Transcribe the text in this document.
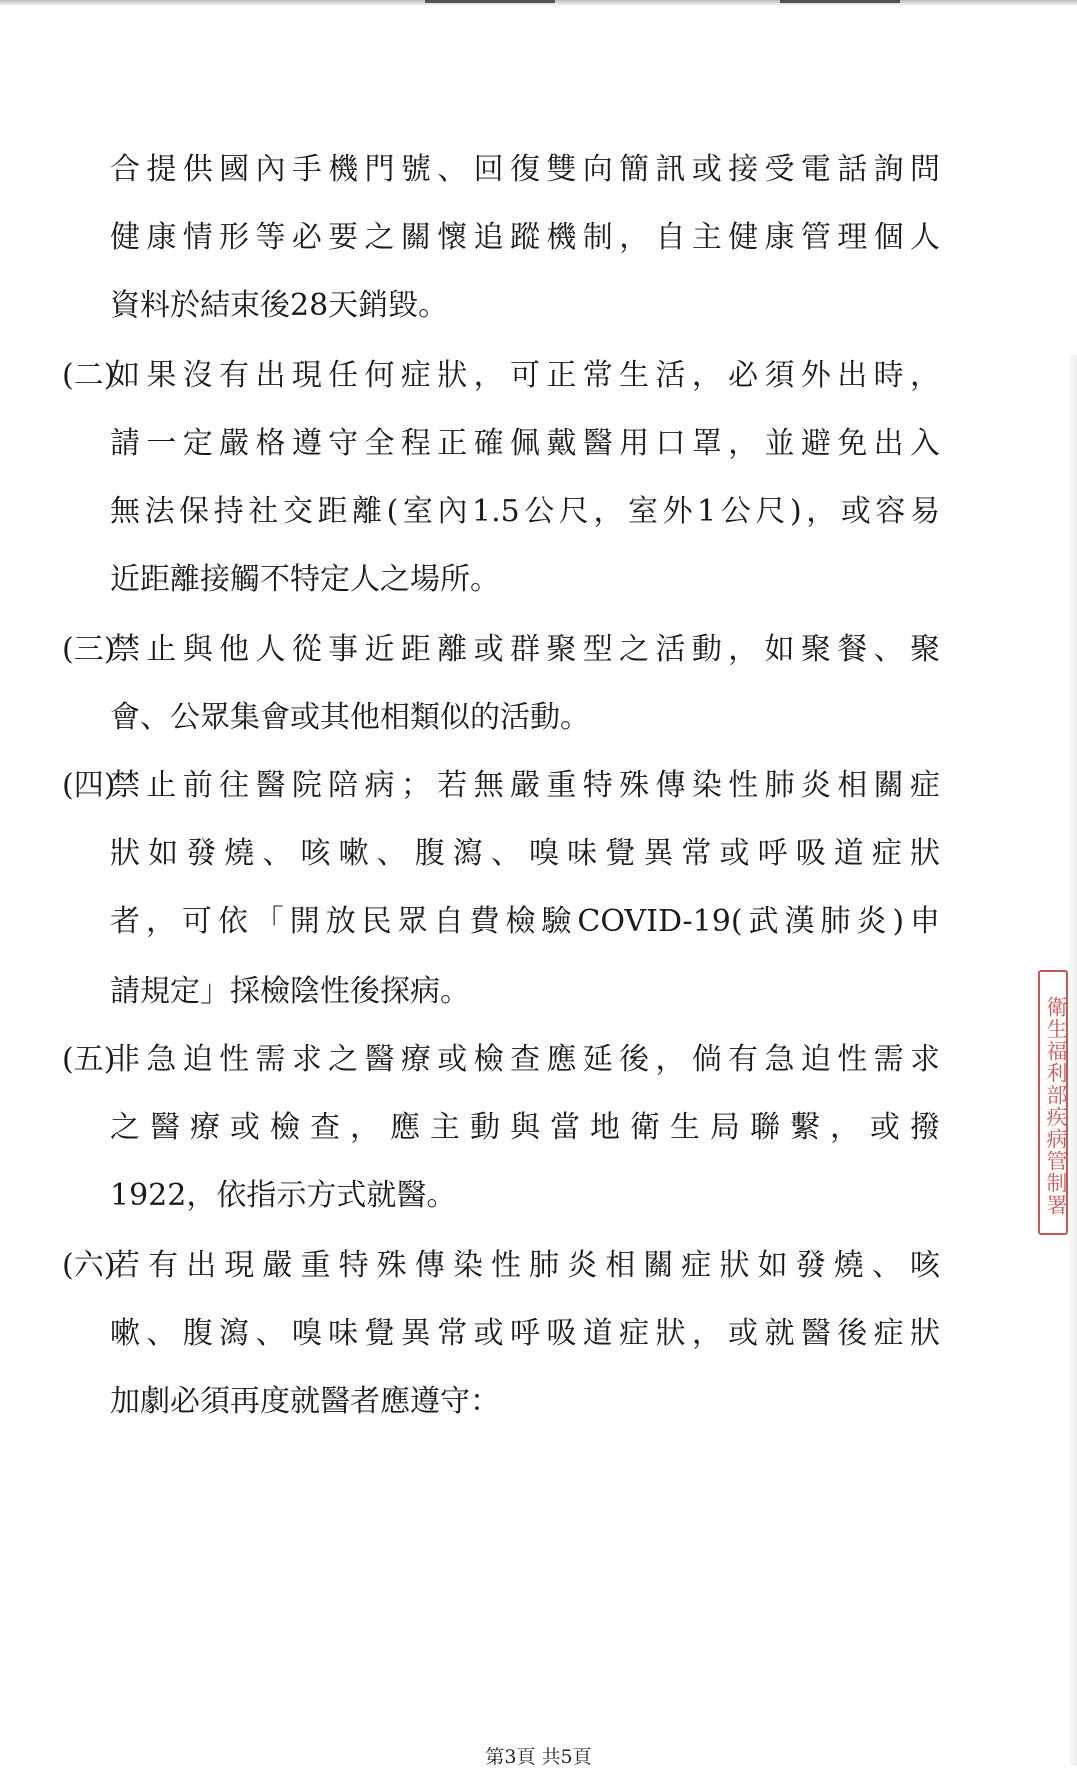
合提供國內手機門號、回復雙向簡訊或接受電話詢問
健康情形等必要之關懷追蹤機制，自主健康管理個人
資料於結束後28天銷毀。
(二)
如果沒有出現任何症狀，可正常生活，必須外出時，
請一定嚴格遵守全程正確佩戴醫用口罩，並避免出入
無法保持社交距離(室內1.5公尺，室外1公尺)，或容易
近距離接觸不特定人之場所。
(三)
禁止與他人從事近距離或群聚型之活動，如聚餐、聚
會、公眾集會或其他相類似的活動。
(四)
禁止前往醫院陪病；若無嚴重特殊傳染性肺炎相關症
狀如發燒、咳嗽、腹瀉、嗅味覺異常或呼吸道症狀
者，可依「開放民眾自費檢驗COVID-19(武漢肺炎)申
請規定」採檢陰性後探病。
(五)
非急迫性需求之醫療或檢查應延後，倘有急迫性需求
之醫療或檢查，應主動與當地衛生局聯繫，或撥
1922，依指示方式就醫。
(六)
若有出現嚴重特殊傳染性肺炎相關症狀如發燒、咳
嗽、腹瀉、嗅味覺異常或呼吸道症狀，或就醫後症狀
加劇必須再度就醫者應遵守：
衛生福利部疾病管制署
第3頁 共5頁
